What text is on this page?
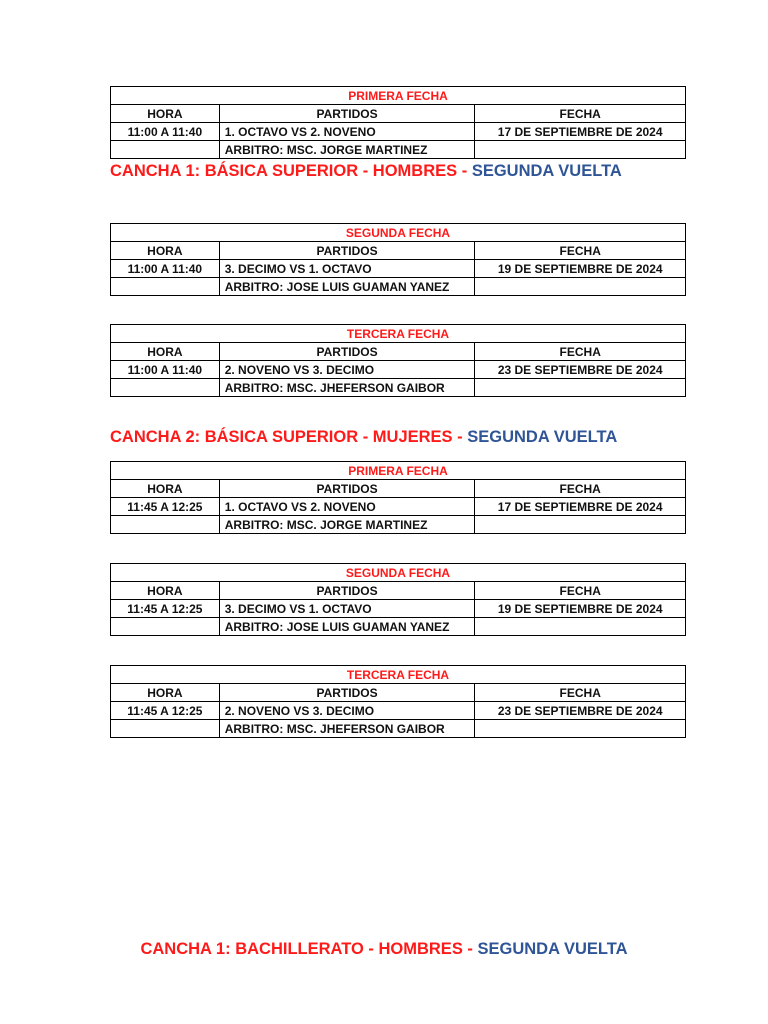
PRIMERA FECHA		
HORA	PARTIDOS	FECHA
11:00 A 11:40	1. OCTAVO VS 2. NOVENO	17 DE SEPTIEMBRE DE 2024
	ARBITRO: MSC. JORGE MARTINEZ	
CANCHA 1: BÁSICA SUPERIOR - HOMBRES - SEGUNDA VUELTA
SEGUNDA FECHA		
HORA	PARTIDOS	FECHA
11:00 A 11:40	3. DECIMO VS 1. OCTAVO	19 DE SEPTIEMBRE DE 2024
	ARBITRO: JOSE LUIS GUAMAN YANEZ	
TERCERA FECHA		
HORA	PARTIDOS	FECHA
11:00 A 11:40	2. NOVENO VS 3. DECIMO	23 DE SEPTIEMBRE DE 2024
	ARBITRO: MSC. JHEFERSON GAIBOR	
CANCHA 2: BÁSICA SUPERIOR - MUJERES - SEGUNDA VUELTA
PRIMERA FECHA		
HORA	PARTIDOS	FECHA
11:45 A 12:25	1. OCTAVO VS 2. NOVENO	17 DE SEPTIEMBRE DE 2024
	ARBITRO: MSC. JORGE MARTINEZ	
SEGUNDA FECHA		
HORA	PARTIDOS	FECHA
11:45 A 12:25	3. DECIMO VS 1. OCTAVO	19 DE SEPTIEMBRE DE 2024
	ARBITRO: JOSE LUIS GUAMAN YANEZ	
TERCERA FECHA		
HORA	PARTIDOS	FECHA
11:45 A 12:25	2. NOVENO VS 3. DECIMO	23 DE SEPTIEMBRE DE 2024
	ARBITRO: MSC. JHEFERSON GAIBOR	
CANCHA 1: BACHILLERATO - HOMBRES - SEGUNDA VUELTA
